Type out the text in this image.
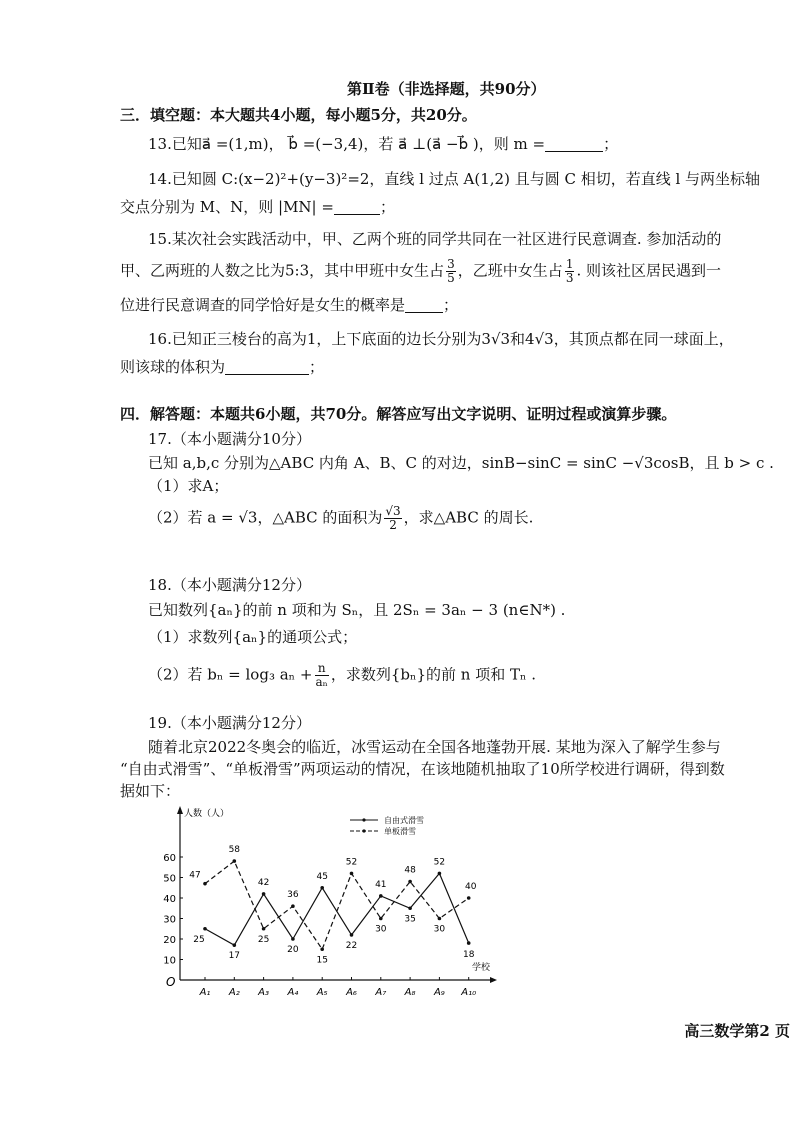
第Ⅱ卷（非选择题，共90分）
三．填空题：本大题共4小题，每小题5分，共20分。
13.已知a⃗ =(1,m)， b⃗ =(−3,4)，若 a⃗ ⊥(a⃗ −b⃗ )，则 m =	；
14.已知圆 C:(x−2)²+(y−3)²=2，直线 l 过点 A(1,2) 且与圆 C 相切，若直线 l 与两坐标轴
交点分别为 M、N，则 |MN| =	；
15.某次社会实践活动中，甲、乙两个班的同学共同在一社区进行民意调查. 参加活动的
甲、乙两班的人数之比为5:3，其中甲班中女生占 $\frac{3}{5}$ ，乙班中女生占 $\frac{1}{3}$ . 则该社区居民遇到一
位进行民意调查的同学恰好是女生的概率是	；
16.已知正三棱台的高为1，上下底面的边长分别为3√3和4√3，其顶点都在同一球面上，
则该球的体积为	；
四．解答题：本题共6小题，共70分。解答应写出文字说明、证明过程或演算步骤。
17.（本小题满分10分）
已知 a,b,c 分别为△ABC 内角 A、B、C 的对边，sinB−sinC = sinC −√3cosB，且 b > c .
（1）求A；
（2）若 a = √3，△ABC 的面积为 $\frac{√3}{2}$ ，求△ABC 的周长.
18.（本小题满分12分）
已知数列{aₙ}的前 n 项和为 Sₙ，且 2Sₙ = 3aₙ − 3 (n∈N*) .
（1）求数列{aₙ}的通项公式；
（2）若 bₙ = log₃ $a_n + \frac{n}{\text{aₙ}}$ ，求数列{bₙ}的前 n 项和 Tₙ .
19.（本小题满分12分）
随着北京2022冬奥会的临近，冰雪运动在全国各地蓬勃开展. 某地为深入了解学生参与
“自由式滑雪”、“单板滑雪”两项运动的情况，在该地随机抽取了10所学校进行调研，得到数
据如下：
人数（人）
学校
O
10
20
30
40
50
60
A₁ A₂ A₃ A₄ A₅ A₆ A₇ A₈ A₉ A₁₀
25
17
42
20
45
22
41
35
52
18
47
58
25
36
15
52
30
48
30
40
自由式滑雪
单板滑雪
高三数学第2 页
